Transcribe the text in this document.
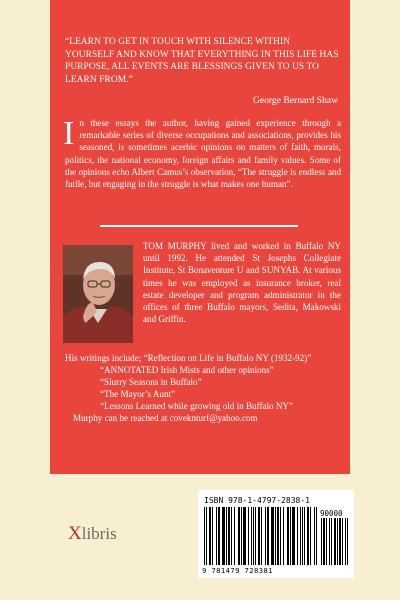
“LEARN TO GET IN TOUCH WITH SILENCE WITHIN YOURSELF AND KNOW THAT EVERYTHING IN THIS LIFE HAS PURPOSE, ALL EVENTS ARE BLESSINGS GIVEN TO US TO LEARN FROM.”
George Bernard Shaw
In these essays the author, having gained experience through a remarkable series of diverse occupations and associations, provides his seasoned, is sometimes acerbic opinions on matters of faith, morals, politics, the national economy, foreign affairs and family values. Some of the opinions echo Albert Camus’s observation, “The struggle is endless and futile, but engaging in the struggle is what makes one human”.
TOM MURPHY lived and worked in Buffalo NY until 1992. He attended St Josephs Collegiate Institute, St Bonaventure U and SUNYAB. At various times he was employed as insurance broker, real estate developer and program administrator in the offices of three Buffalo mayors, Sedita, Makowski and Griffin.
His writings include; “Reflection on Life in Buffalo NY (1932-92)”
“ANNOTATED Irish Mists and other opinions”
“Slurry Seasons in Buffalo”
“The Mayor’s Aunt”
“Lessons Learned while growing old in Buffalo NY”
Murphy can be reached at coveknturf@yahoo.com
Xlibris
ISBN 978-1-4797-2838-1
90000
9 781479 728381
